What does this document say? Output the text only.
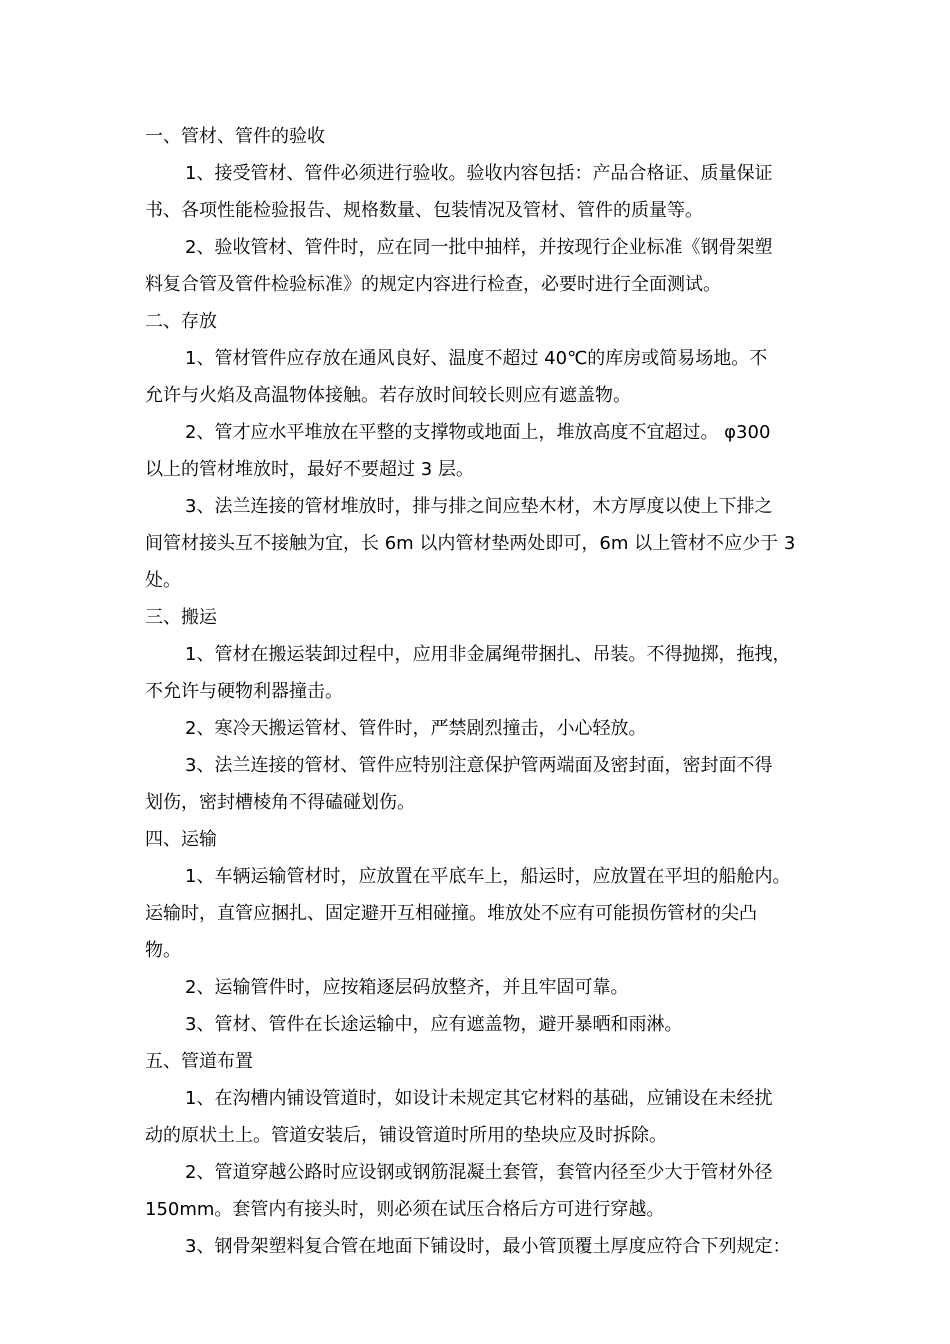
一、管材、管件的验收
1、接受管材、管件必须进行验收。验收内容包括：产品合格证、质量保证
书、各项性能检验报告、规格数量、包装情况及管材、管件的质量等。
2、验收管材、管件时，应在同一批中抽样，并按现行企业标准《钢骨架塑
料复合管及管件检验标准》的规定内容进行检查，必要时进行全面测试。
二、存放
1、管材管件应存放在通风良好、温度不超过 40℃的库房或简易场地。不
允许与火焰及高温物体接触。若存放时间较长则应有遮盖物。
2、管才应水平堆放在平整的支撑物或地面上，堆放高度不宜超过。 φ300
以上的管材堆放时，最好不要超过 3 层。
3、法兰连接的管材堆放时，排与排之间应垫木材，木方厚度以使上下排之
间管材接头互不接触为宜，长 6m 以内管材垫两处即可，6m 以上管材不应少于 3
处。
三、搬运
1、管材在搬运装卸过程中，应用非金属绳带捆扎、吊装。不得抛掷，拖拽，
不允许与硬物利器撞击。
2、寒冷天搬运管材、管件时，严禁剧烈撞击，小心轻放。
3、法兰连接的管材、管件应特别注意保护管两端面及密封面，密封面不得
划伤，密封槽棱角不得磕碰划伤。
四、运输
1、车辆运输管材时，应放置在平底车上，船运时，应放置在平坦的船舱内。
运输时，直管应捆扎、固定避开互相碰撞。堆放处不应有可能损伤管材的尖凸
物。
2、运输管件时，应按箱逐层码放整齐，并且牢固可靠。
3、管材、管件在长途运输中，应有遮盖物，避开暴晒和雨淋。
五、管道布置
1、在沟槽内铺设管道时，如设计未规定其它材料的基础，应铺设在未经扰
动的原状土上。管道安装后，铺设管道时所用的垫块应及时拆除。
2、管道穿越公路时应设钢或钢筋混凝土套管，套管内径至少大于管材外径
150mm。套管内有接头时，则必须在试压合格后方可进行穿越。
3、钢骨架塑料复合管在地面下铺设时，最小管顶覆土厚度应符合下列规定：
